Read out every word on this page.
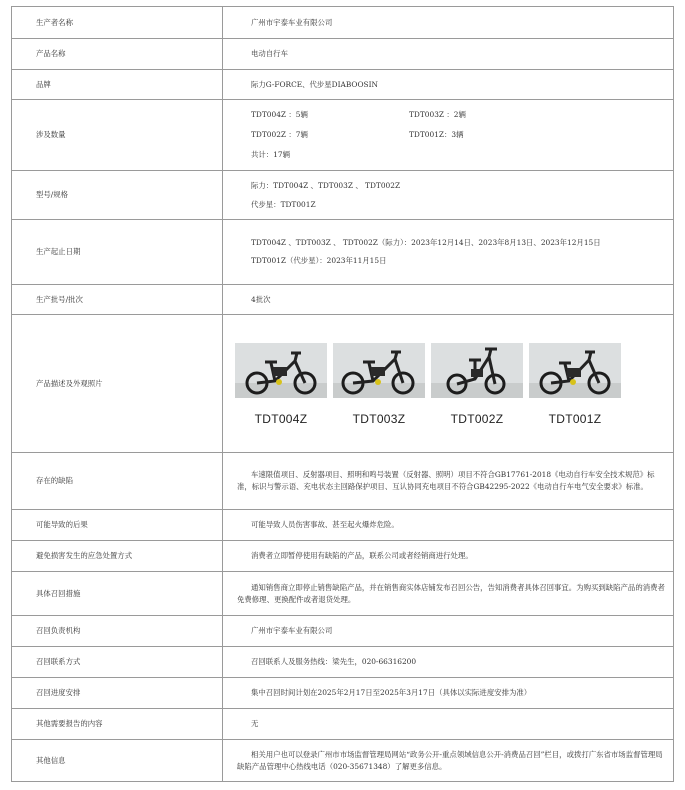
生产者名称	广州市宇泰车业有限公司
产品名称	电动自行车
品牌	际力G-FORCE、代步星DIABOOSIN
涉及数量	TDT004Z ：5辆 TDT003Z ：2辆
TDT002Z ：7辆 TDT001Z：3辆
共计：17辆

型号/规格	际力：TDT004Z 、TDT003Z 、 TDT002Z
代步星：TDT001Z

生产起止日期	TDT004Z 、TDT003Z 、 TDT002Z（际力）：2023年12月14日、2023年8月13日、2023年12月15日
TDT001Z（代步星）：2023年11月15日

生产批号/批次	4批次
产品描述及外观照片	TDT004Z TDT003Z TDT002Z TDT001Z

存在的缺陷	车速限值项目、反射器项目、照明和鸣号装置（反射器、照明）项目不符合GB17761-2018《电动自行车安全技术规范》标准，标识与警示语、充电状态主回路保护项目、互认协同充电项目不符合GB42295-2022《电动自行车电气安全要求》标准。

可能导致的后果	可能导致人员伤害事故、甚至起火爆炸危险。
避免损害发生的应急处置方式	消费者立即暂停使用有缺陷的产品，联系公司或者经销商进行处理。
具体召回措施	通知销售商立即停止销售缺陷产品，并在销售商实体店铺发布召回公告，告知消费者具体召回事宜。为购买到缺陷产品的消费者免费修理、更换配件或者退货处理。

召回负责机构	广州市宇泰车业有限公司
召回联系方式	召回联系人及服务热线：梁先生，020-66316200
召回进度安排	集中召回时间计划在2025年2月17日至2025年3月17日（具体以实际进度安排为准）
其他需要报告的内容	无
其他信息	相关用户也可以登录广州市市场监督管理局网站“政务公开-重点领域信息公开-消费品召回”栏目，或拨打广东省市场监督管理局缺陷产品管理中心热线电话（020-35671348）了解更多信息。
